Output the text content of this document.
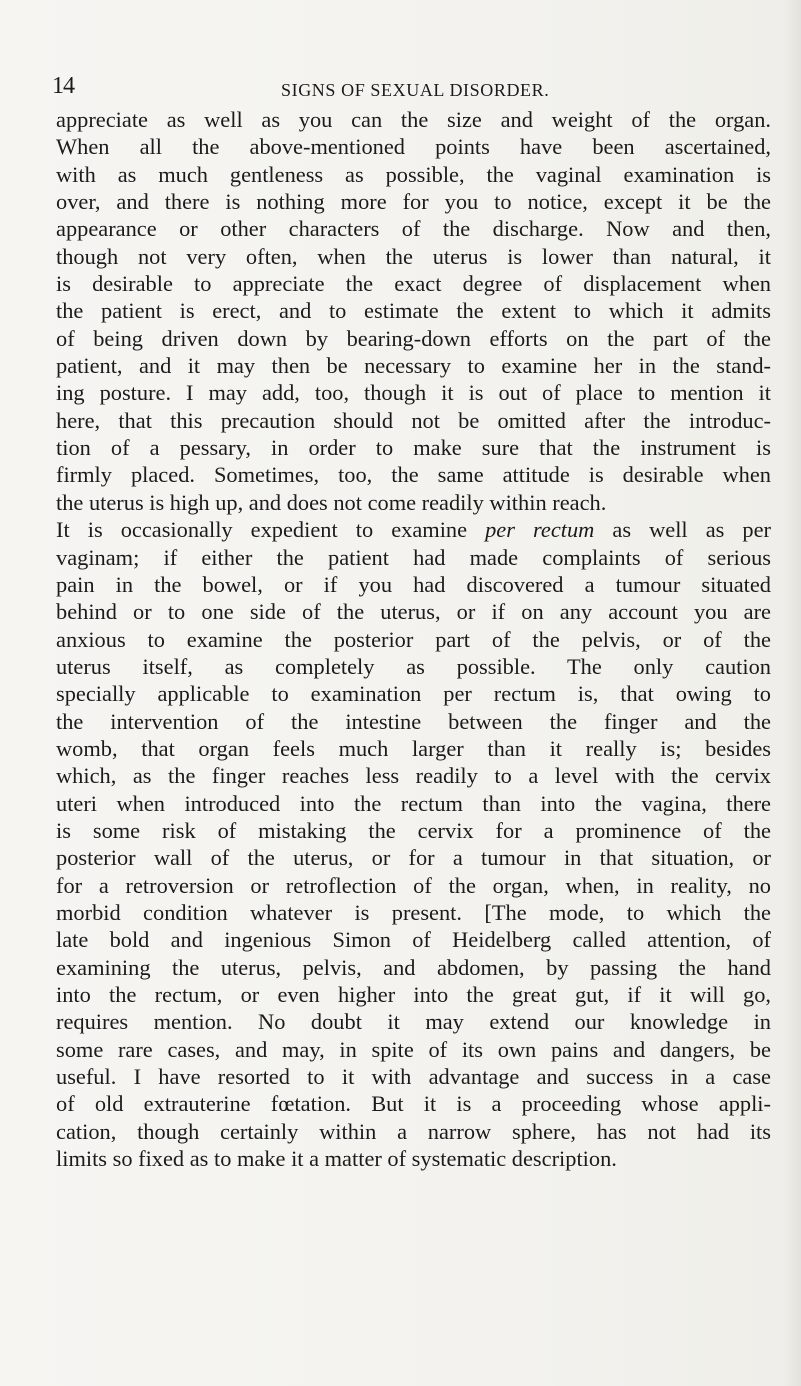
14	SIGNS OF SEXUAL DISORDER.
appreciate as well as you can the size and weight of the organ.
When all the above-mentioned points have been ascertained,
with as much gentleness as possible, the vaginal examination is
over, and there is nothing more for you to notice, except it be the
appearance or other characters of the discharge. Now and then,
though not very often, when the uterus is lower than natural, it
is desirable to appreciate the exact degree of displacement when
the patient is erect, and to estimate the extent to which it admits
of being driven down by bearing-down efforts on the part of the
patient, and it may then be necessary to examine her in the stand-
ing posture. I may add, too, though it is out of place to mention it
here, that this precaution should not be omitted after the introduc-
tion of a pessary, in order to make sure that the instrument is
firmly placed. Sometimes, too, the same attitude is desirable when
the uterus is high up, and does not come readily within reach.
It is occasionally expedient to examine per rectum as well as per
vaginam; if either the patient had made complaints of serious
pain in the bowel, or if you had discovered a tumour situated
behind or to one side of the uterus, or if on any account you are
anxious to examine the posterior part of the pelvis, or of the
uterus itself, as completely as possible. The only caution
specially applicable to examination per rectum is, that owing to
the intervention of the intestine between the finger and the
womb, that organ feels much larger than it really is; besides
which, as the finger reaches less readily to a level with the cervix
uteri when introduced into the rectum than into the vagina, there
is some risk of mistaking the cervix for a prominence of the
posterior wall of the uterus, or for a tumour in that situation, or
for a retroversion or retroflection of the organ, when, in reality, no
morbid condition whatever is present. [The mode, to which the
late bold and ingenious Simon of Heidelberg called attention, of
examining the uterus, pelvis, and abdomen, by passing the hand
into the rectum, or even higher into the great gut, if it will go,
requires mention. No doubt it may extend our knowledge in
some rare cases, and may, in spite of its own pains and dangers, be
useful. I have resorted to it with advantage and success in a case
of old extrauterine fœtation. But it is a proceeding whose appli-
cation, though certainly within a narrow sphere, has not had its
limits so fixed as to make it a matter of systematic description.
